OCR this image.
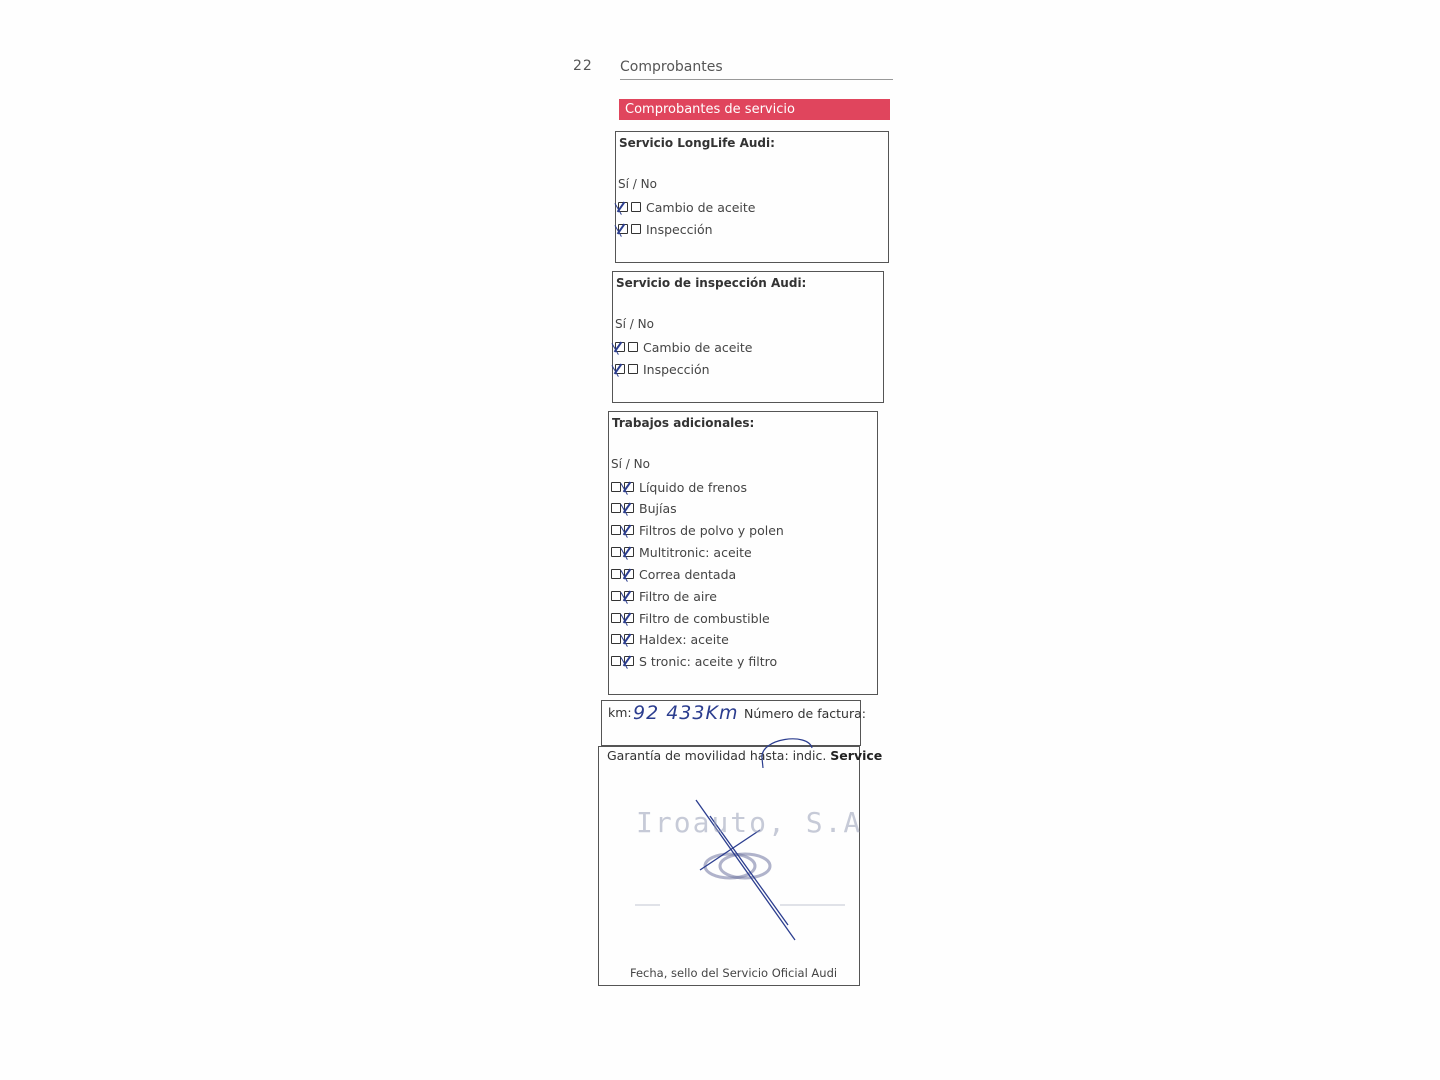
22 Comprobantes
Comprobantes de servicio
Servicio LongLife Audi:
Sí / No
Cambio de aceite
Inspección
Servicio de inspección Audi:
Sí / No
Cambio de aceite
Inspección
Trabajos adicionales:
Sí / No
Líquido de frenos
Bujías
Filtros de polvo y polen
Multitronic: aceite
Correa dentada
Filtro de aire
Filtro de combustible
Haldex: aceite
S tronic: aceite y filtro
km: 92 433Km Número de factura:
Garantía de movilidad hasta: indic. Service
Iroauto, S.A
Fecha, sello del Servicio Oficial Audi
